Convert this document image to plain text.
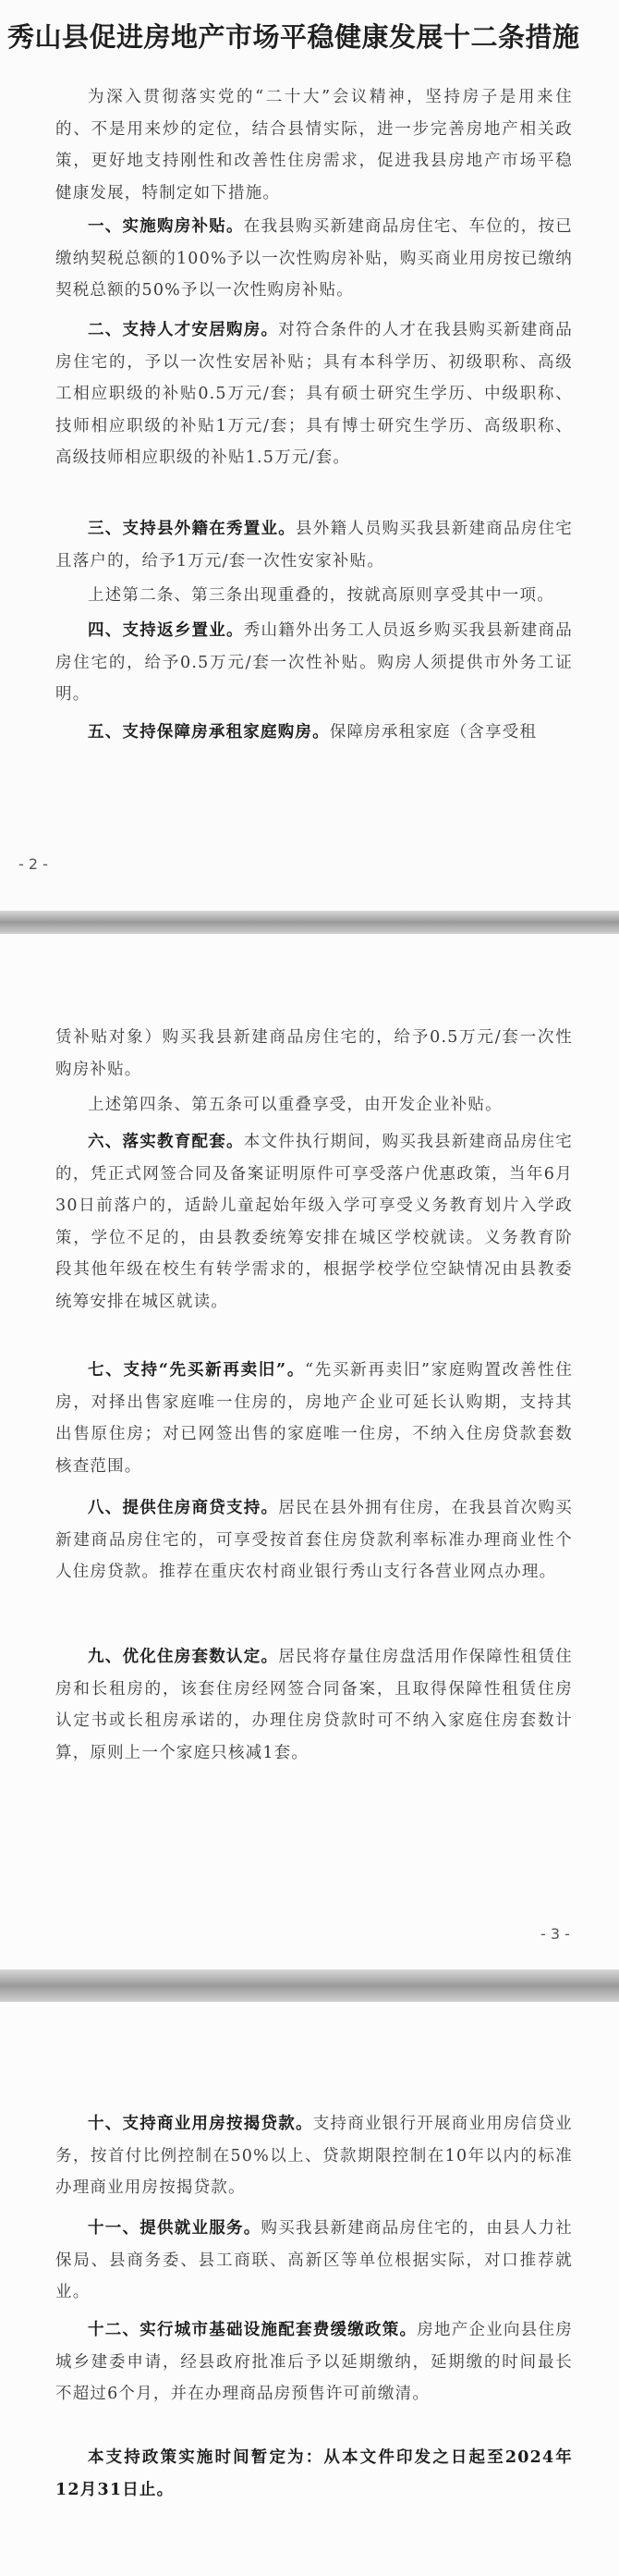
秀山县促进房地产市场平稳健康发展十二条措施
为深入贯彻落实党的“二十大”会议精神，坚持房子是用来住的、不是用来炒的定位，结合县情实际，进一步完善房地产相关政策，更好地支持刚性和改善性住房需求，促进我县房地产市场平稳健康发展，特制定如下措施。
一、实施购房补贴。在我县购买新建商品房住宅、车位的，按已缴纳契税总额的100%予以一次性购房补贴，购买商业用房按已缴纳契税总额的50%予以一次性购房补贴。
二、支持人才安居购房。对符合条件的人才在我县购买新建商品房住宅的，予以一次性安居补贴；具有本科学历、初级职称、高级工相应职级的补贴0.5万元/套；具有硕士研究生学历、中级职称、技师相应职级的补贴1万元/套；具有博士研究生学历、高级职称、高级技师相应职级的补贴1.5万元/套。
三、支持县外籍在秀置业。县外籍人员购买我县新建商品房住宅且落户的，给予1万元/套一次性安家补贴。
上述第二条、第三条出现重叠的，按就高原则享受其中一项。
四、支持返乡置业。秀山籍外出务工人员返乡购买我县新建商品房住宅的，给予0.5万元/套一次性补贴。购房人须提供市外务工证明。
五、支持保障房承租家庭购房。保障房承租家庭（含享受租
- 2 -
赁补贴对象）购买我县新建商品房住宅的，给予0.5万元/套一次性购房补贴。
上述第四条、第五条可以重叠享受，由开发企业补贴。
六、落实教育配套。本文件执行期间，购买我县新建商品房住宅的，凭正式网签合同及备案证明原件可享受落户优惠政策，当年6月30日前落户的，适龄儿童起始年级入学可享受义务教育划片入学政策，学位不足的，由县教委统筹安排在城区学校就读。义务教育阶段其他年级在校生有转学需求的，根据学校学位空缺情况由县教委统筹安排在城区就读。
七、支持“先买新再卖旧”。“先买新再卖旧”家庭购置改善性住房，对择出售家庭唯一住房的，房地产企业可延长认购期，支持其出售原住房；对已网签出售的家庭唯一住房，不纳入住房贷款套数核查范围。
八、提供住房商贷支持。居民在县外拥有住房，在我县首次购买新建商品房住宅的，可享受按首套住房贷款利率标准办理商业性个人住房贷款。推荐在重庆农村商业银行秀山支行各营业网点办理。
九、优化住房套数认定。居民将存量住房盘活用作保障性租赁住房和长租房的，该套住房经网签合同备案，且取得保障性租赁住房认定书或长租房承诺的，办理住房贷款时可不纳入家庭住房套数计算，原则上一个家庭只核减1套。
- 3 -
十、支持商业用房按揭贷款。支持商业银行开展商业用房信贷业务，按首付比例控制在50%以上、贷款期限控制在10年以内的标准办理商业用房按揭贷款。
十一、提供就业服务。购买我县新建商品房住宅的，由县人力社保局、县商务委、县工商联、高新区等单位根据实际，对口推荐就业。
十二、实行城市基础设施配套费缓缴政策。房地产企业向县住房城乡建委申请，经县政府批准后予以延期缴纳，延期缴的时间最长不超过6个月，并在办理商品房预售许可前缴清。
本支持政策实施时间暂定为：从本文件印发之日起至2024年12月31日止。
